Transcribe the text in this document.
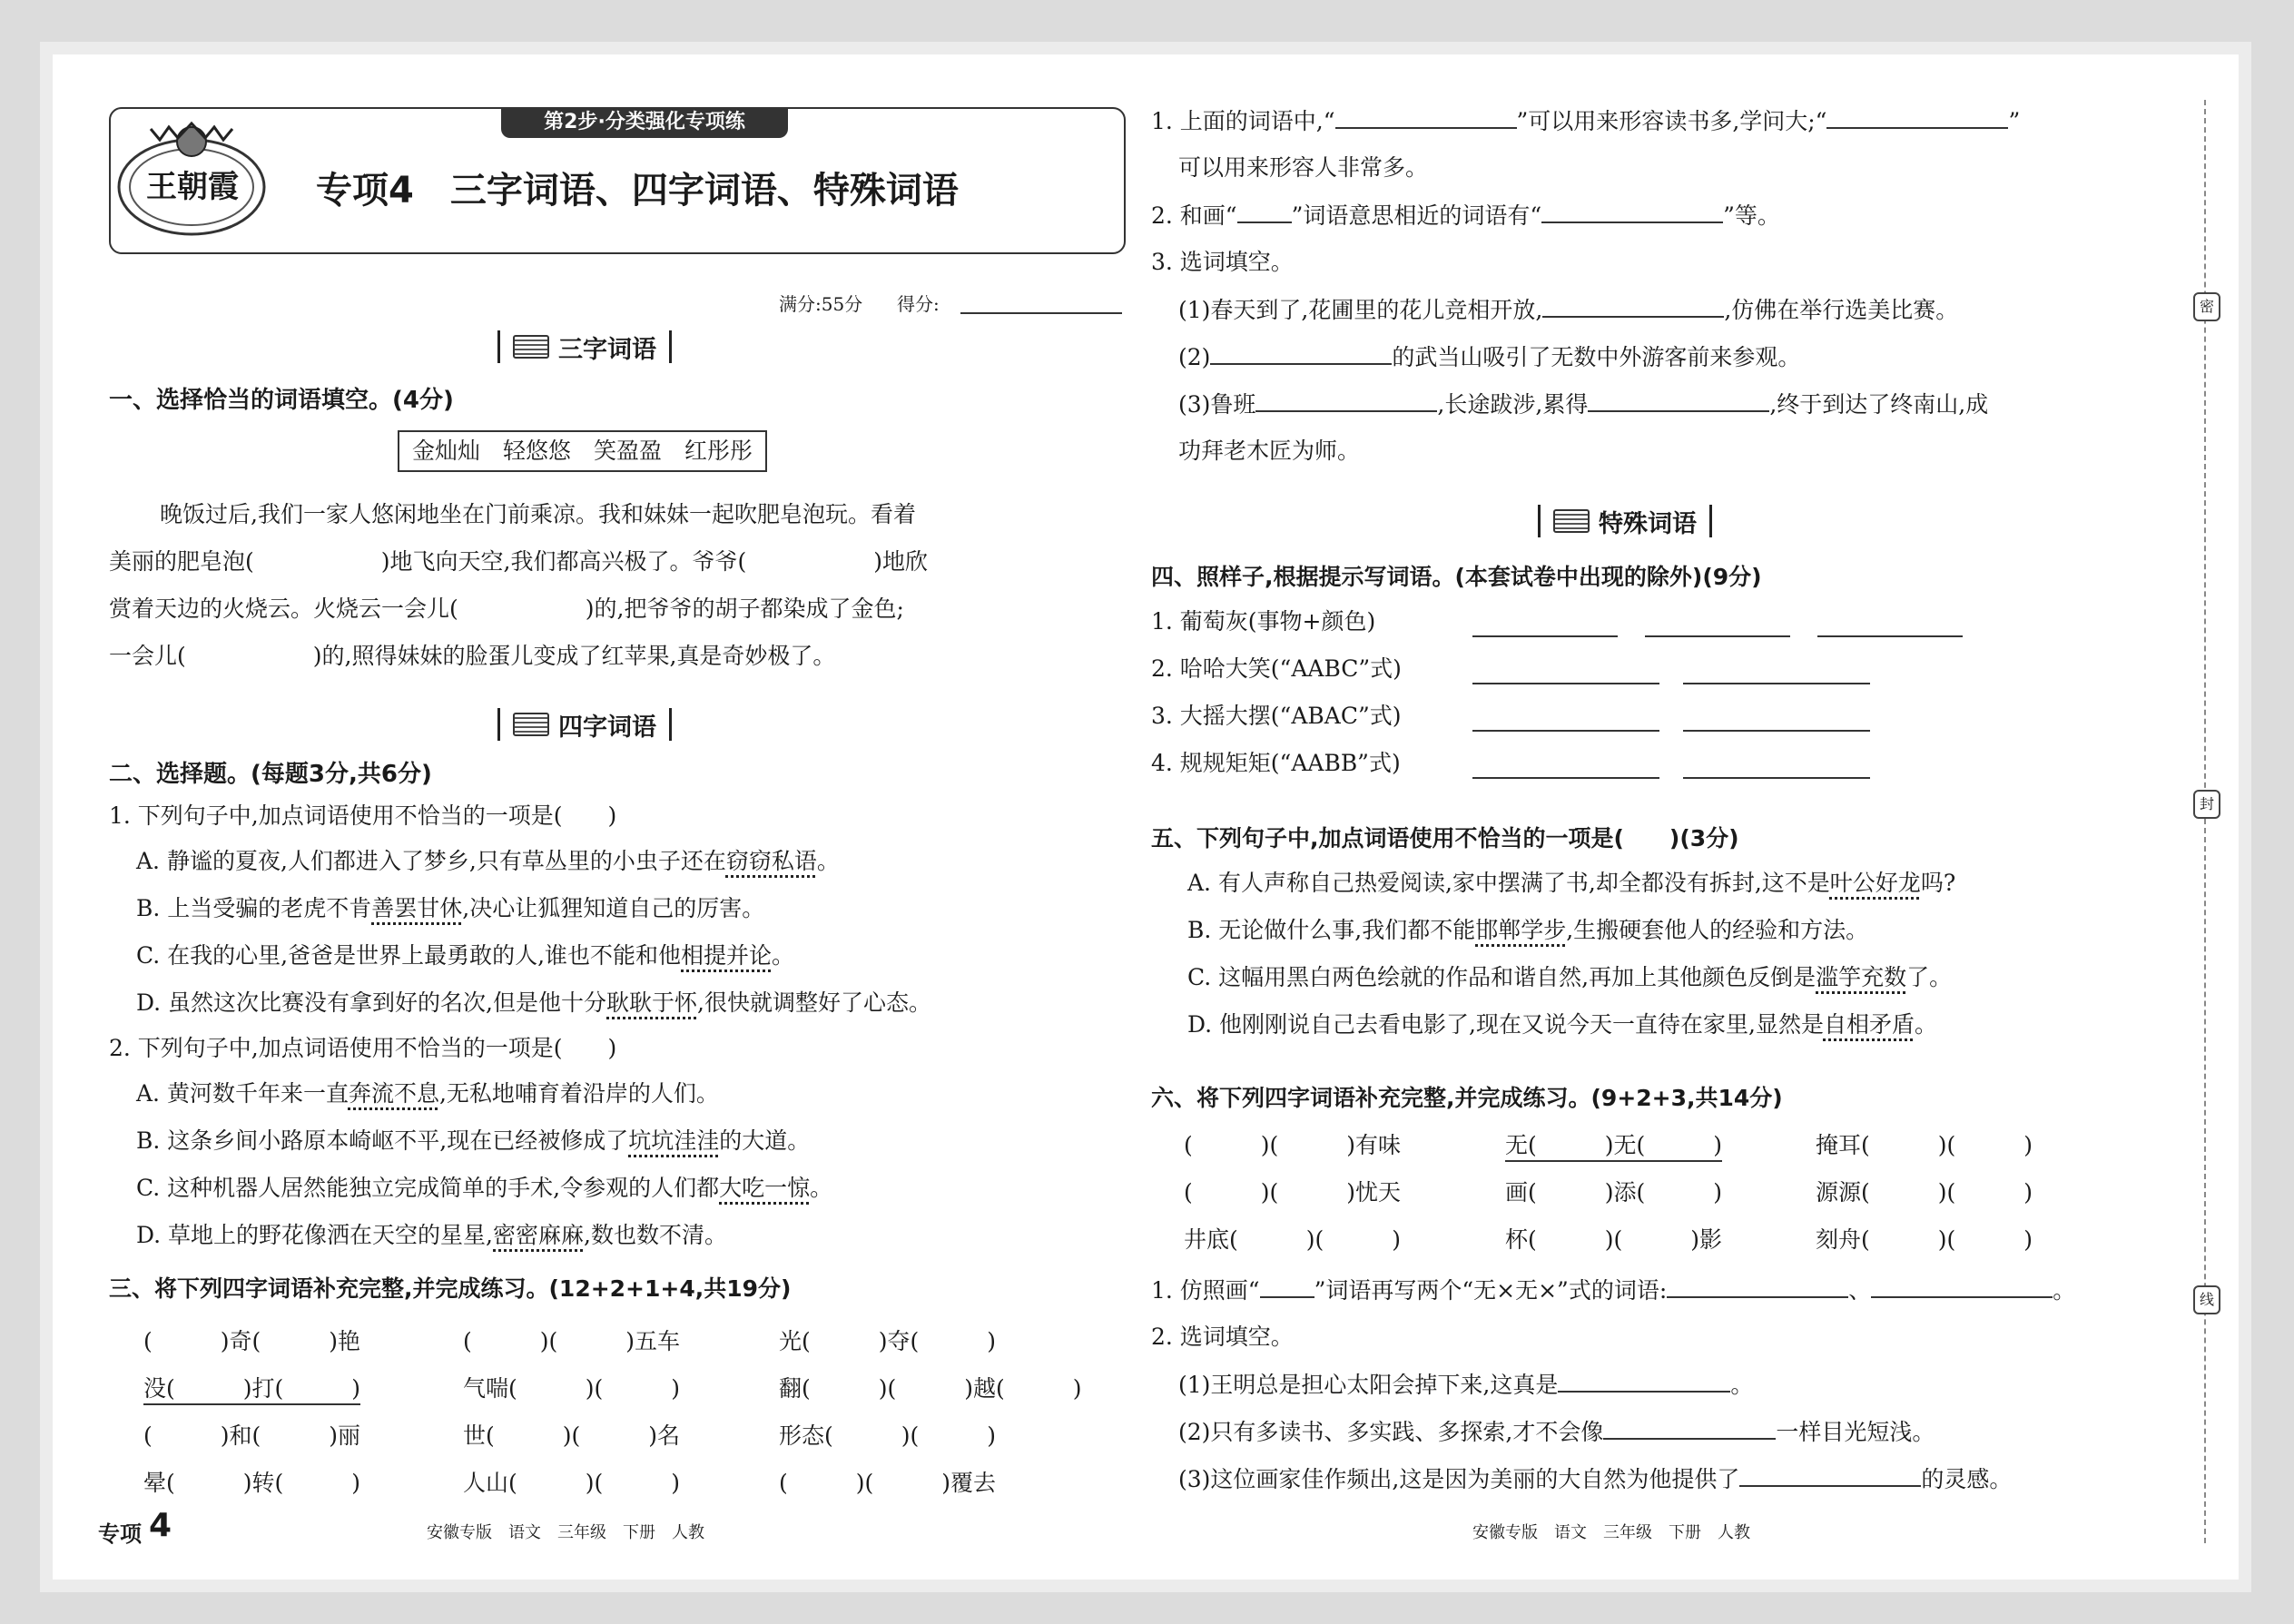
王朝霞
第2步·分类强化专项练
专项4　三字词语、四字词语、特殊词语
满分:55分 得分:
三字词语
一、选择恰当的词语填空。(4分)
金灿灿　轻悠悠　笑盈盈　红彤彤
晚饭过后,我们一家人悠闲地坐在门前乘凉。我和妹妹一起吹肥皂泡玩。看着
美丽的肥皂泡(	)地飞向天空,我们都高兴极了。爷爷(	)地欣
赏着天边的火烧云。火烧云一会儿(	)的,把爷爷的胡子都染成了金色;
一会儿(	)的,照得妹妹的脸蛋儿变成了红苹果,真是奇妙极了。
四字词语
二、选择题。(每题3分,共6分)
1. 下列句子中,加点词语使用不恰当的一项是(　　)
A. 静谧的夏夜,人们都进入了梦乡,只有草丛里的小虫子还在窃窃私语。
B. 上当受骗的老虎不肯善罢甘休,决心让狐狸知道自己的厉害。
C. 在我的心里,爸爸是世界上最勇敢的人,谁也不能和他相提并论。
D. 虽然这次比赛没有拿到好的名次,但是他十分耿耿于怀,很快就调整好了心态。
2. 下列句子中,加点词语使用不恰当的一项是(　　)
A. 黄河数千年来一直奔流不息,无私地哺育着沿岸的人们。
B. 这条乡间小路原本崎岖不平,现在已经被修成了坑坑洼洼的大道。
C. 这种机器人居然能独立完成简单的手术,令参观的人们都大吃一惊。
D. 草地上的野花像洒在天空的星星,密密麻麻,数也数不清。
三、将下列四字词语补充完整,并完成练习。(12+2+1+4,共19分)
(　　　)奇(　　　)艳	(　　　)(　　　)五车	光(　　　)夺(　　　)
没(　　　)打(　　　)	气喘(　　　)(　　　)	翻(　　　)(　　　)越(　　　)
(　　　)和(　　　)丽	世(　　　)(　　　)名	形态(　　　)(　　　)
晕(　　　)转(　　　)	人山(　　　)(　　　)	(　　　)(　　　)覆去
专项 4	安徽专版　语文　三年级　下册　人教
1. 上面的词语中,“	”可以用来形容读书多,学问大;“	”
可以用来形容人非常多。
2. 和画“ ”词语意思相近的词语有“	”等。
3. 选词填空。
(1)春天到了,花圃里的花儿竞相开放,	,仿佛在举行选美比赛。
(2)	的武当山吸引了无数中外游客前来参观。
(3)鲁班	,长途跋涉,累得	,终于到达了终南山,成
功拜老木匠为师。
特殊词语
四、照样子,根据提示写词语。(本套试卷中出现的除外)(9分)
1. 葡萄灰(事物+颜色)
2. 哈哈大笑(“AABC”式)
3. 大摇大摆(“ABAC”式)
4. 规规矩矩(“AABB”式)
五、下列句子中,加点词语使用不恰当的一项是(　　)(3分)
A. 有人声称自己热爱阅读,家中摆满了书,却全都没有拆封,这不是叶公好龙吗?
B. 无论做什么事,我们都不能邯郸学步,生搬硬套他人的经验和方法。
C. 这幅用黑白两色绘就的作品和谐自然,再加上其他颜色反倒是滥竽充数了。
D. 他刚刚说自己去看电影了,现在又说今天一直待在家里,显然是自相矛盾。
六、将下列四字词语补充完整,并完成练习。(9+2+3,共14分)
(　　　)(　　　)有味	无(　　　)无(　　　)	掩耳(　　　)(　　　)
(　　　)(　　　)忧天	画(　　　)添(　　　)	源源(　　　)(　　　)
井底(　　　)(　　　)	杯(　　　)(　　　)影	刻舟(　　　)(　　　)
1. 仿照画“ ”词语再写两个“无×无×”式的词语:	、	。
2. 选词填空。
(1)王明总是担心太阳会掉下来,这真是	。
(2)只有多读书、多实践、多探索,才不会像	一样目光短浅。
(3)这位画家佳作频出,这是因为美丽的大自然为他提供了	的灵感。
安徽专版　语文　三年级　下册　人教
密
封
线
